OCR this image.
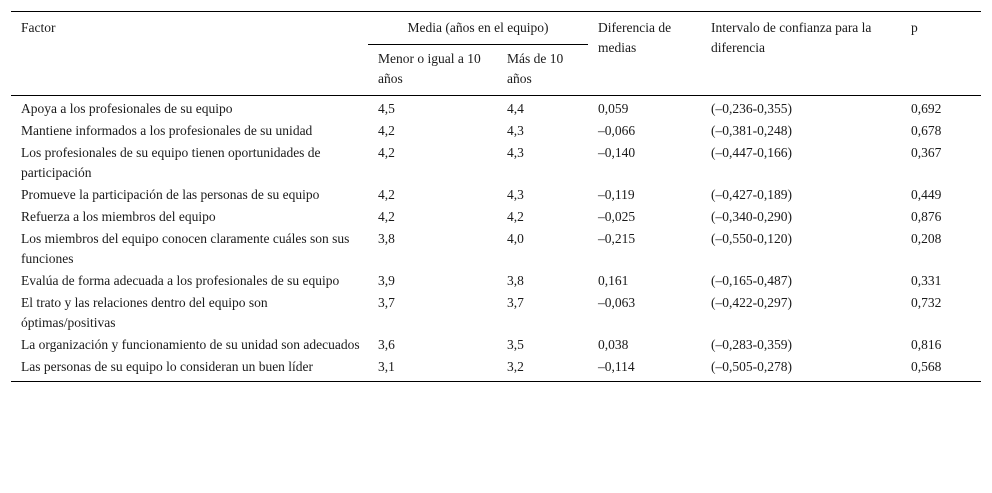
Factor	Media (años en el equipo)		Diferencia de medias	Intervalo de confianza para la diferencia	p
	Menor o igual a 10 años	Más de 10 años			
Apoya a los profesionales de su equipo	4,5	4,4	0,059	(–0,236-0,355)	0,692
Mantiene informados a los profesionales de su unidad	4,2	4,3	–0,066	(–0,381-0,248)	0,678
Los profesionales de su equipo tienen oportunidades de participación	4,2	4,3	–0,140	(–0,447-0,166)	0,367
Promueve la participación de las personas de su equipo	4,2	4,3	–0,119	(–0,427-0,189)	0,449
Refuerza a los miembros del equipo	4,2	4,2	–0,025	(–0,340-0,290)	0,876
Los miembros del equipo conocen claramente cuáles son sus funciones	3,8	4,0	–0,215	(–0,550-0,120)	0,208
Evalúa de forma adecuada a los profesionales de su equipo	3,9	3,8	0,161	(–0,165-0,487)	0,331
El trato y las relaciones dentro del equipo son óptimas/positivas	3,7	3,7	–0,063	(–0,422-0,297)	0,732
La organización y funcionamiento de su unidad son adecuados	3,6	3,5	0,038	(–0,283-0,359)	0,816
Las personas de su equipo lo consideran un buen líder	3,1	3,2	–0,114	(–0,505-0,278)	0,568
